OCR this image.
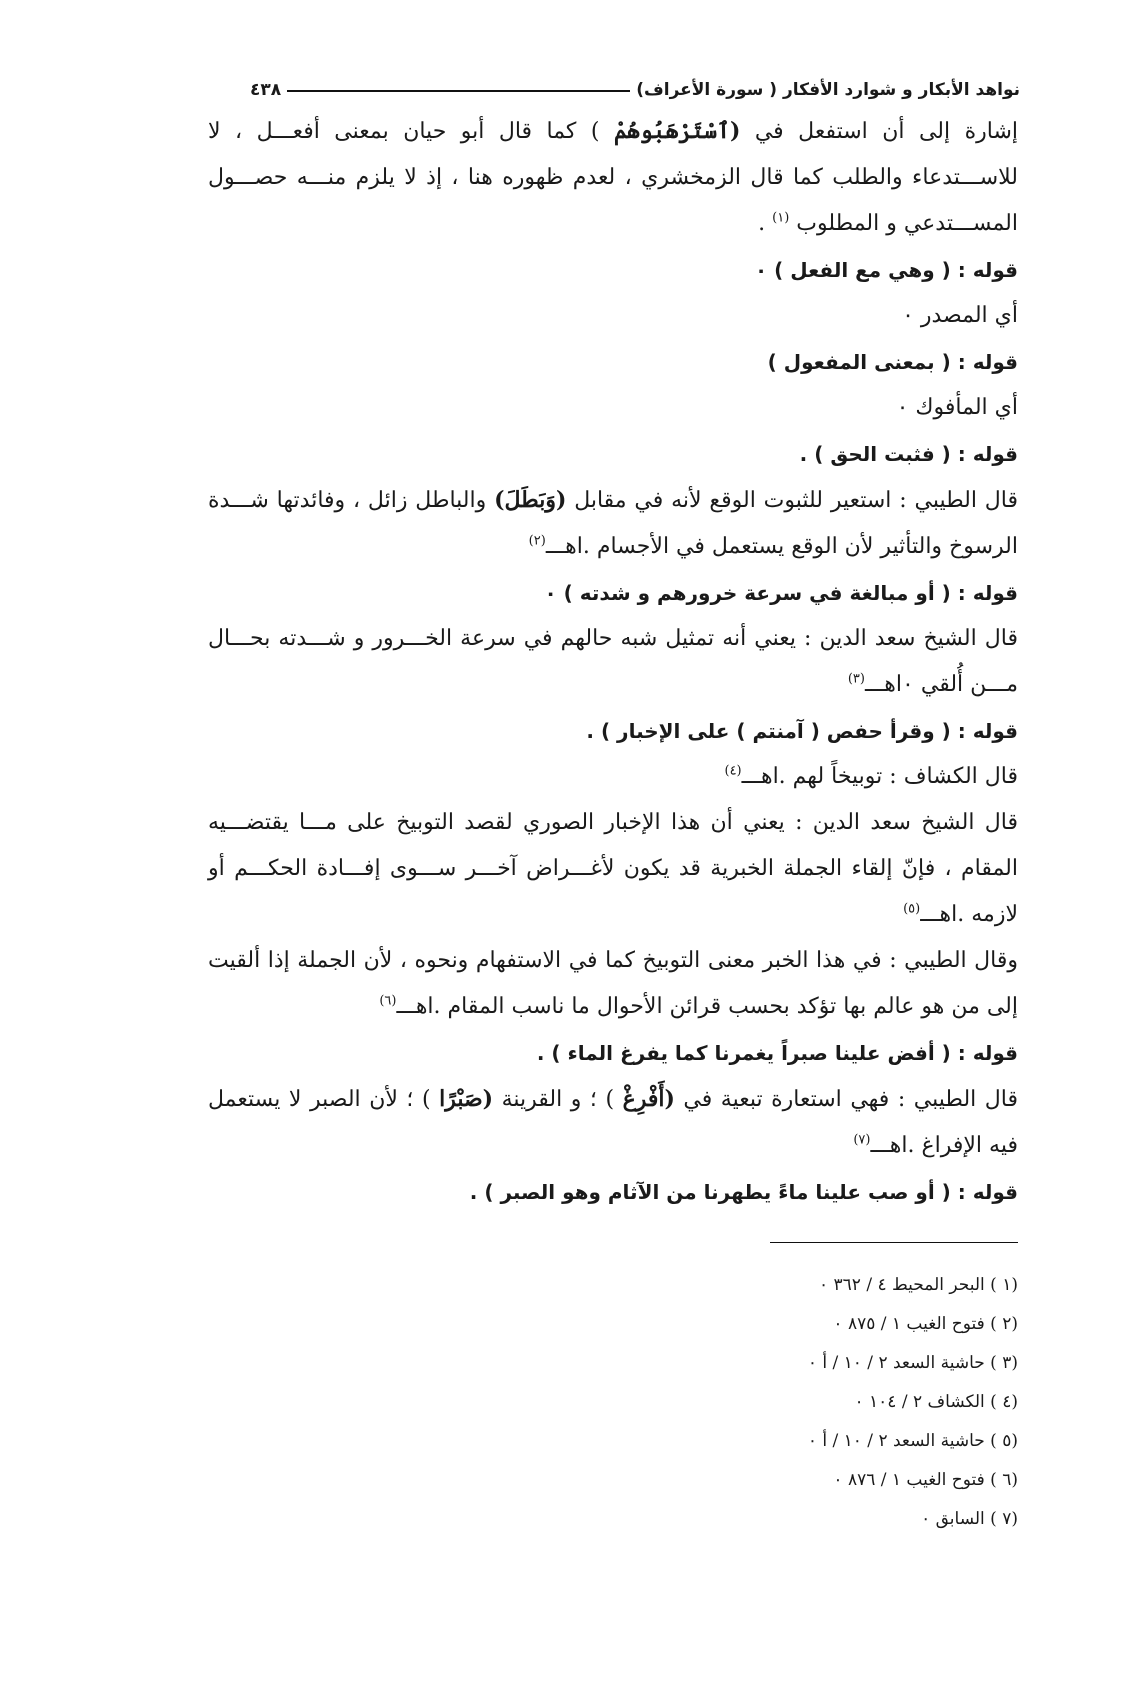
نواهد الأبكار و شوارد الأفكار ( سورة الأعراف)
٤٣٨

إشارة إلى أن استفعل في (ٱسْتَرْهَبُوهُمْ ) كما قال أبو حيان بمعنى أفعـــل ، لا للاســـتدعاء والطلب كما قال الزمخشري ، لعدم ظهوره هنا ، إذ لا يلزم منـــه حصـــول المســـتدعي و المطلوب $^{(١)}$ .

قوله : ( وهي مع الفعل ) ٠

أي المصدر ٠

قوله : ( بمعنى المفعول )

أي المأفوك ٠

قوله : ( فثبت الحق ) .

قال الطيبي : استعير للثبوت الوقع لأنه في مقابل (وَبَطَلَ) والباطل زائل ، وفائدتها شـــدة الرسوخ والتأثير لأن الوقع يستعمل في الأجسام .اهـــ$^{(٢)}$

قوله : ( أو مبالغة في سرعة خرورهم و شدته ) ٠

قال الشيخ سعد الدين : يعني أنه تمثيل شبه حالهم في سرعة الخـــرور و شـــدته بحـــال مـــن أُلقي ٠اهـــ$^{(٣)}$

قوله : ( وقرأ حفص ( آمنتم ) على الإخبار ) .

قال الكشاف : توبيخاً لهم .اهـــ$^{(٤)}$

قال الشيخ سعد الدين : يعني أن هذا الإخبار الصوري لقصد التوبيخ على مـــا يقتضـــيه المقام ، فإنّ إلقاء الجملة الخبرية قد يكون لأغـــراض آخـــر ســـوى إفـــادة الحكـــم أو لازمه .اهـــ$^{(٥)}$

وقال الطيبي : في هذا الخبر معنى التوبيخ كما في الاستفهام ونحوه ، لأن الجملة إذا ألقيت إلى من هو عالم بها تؤكد بحسب قرائن الأحوال ما ناسب المقام .اهـــ$^{(٦)}$

قوله : ( أفض علينا صبراً يغمرنا كما يفرغ الماء ) .

قال الطيبي : فهي استعارة تبعية في (أَفْرِغْ ) ؛ و القرينة (صَبْرًا ) ؛ لأن الصبر لا يستعمل فيه الإفراغ .اهـــ$^{(٧)}$

قوله : ( أو صب علينا ماءً يطهرنا من الآثام وهو الصبر ) .

(١ ) البحر المحيط ٤ / ٣٦٢ ٠
(٢ ) فتوح الغيب ١ / ٨٧٥ ٠
(٣ ) حاشية السعد ٢ / ١٠ / أ ٠
(٤ ) الكشاف ٢ / ١٠٤ ٠
(٥ ) حاشية السعد ٢ / ١٠ / أ ٠
(٦ ) فتوح الغيب ١ / ٨٧٦ ٠
(٧ ) السابق ٠
